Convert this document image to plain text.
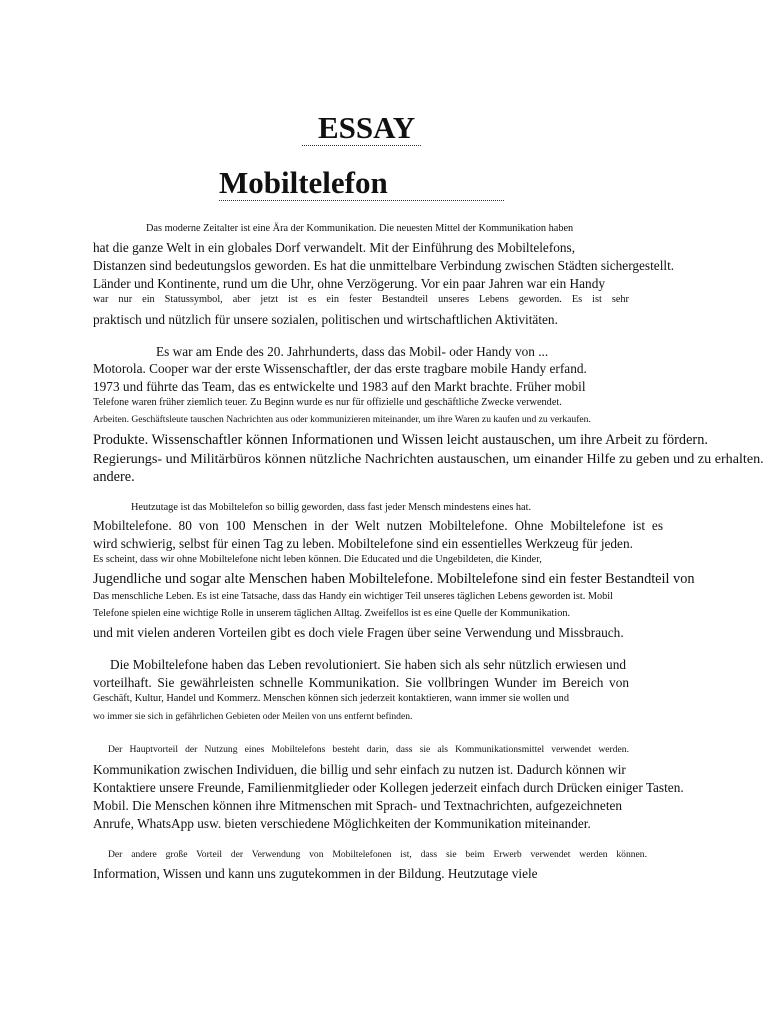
ESSAY
Mobiltelefon
Das moderne Zeitalter ist eine Ära der Kommunikation. Die neuesten Mittel der Kommunikation haben
hat die ganze Welt in ein globales Dorf verwandelt. Mit der Einführung des Mobiltelefons,
Distanzen sind bedeutungslos geworden. Es hat die unmittelbare Verbindung zwischen Städten sichergestellt.
Länder und Kontinente, rund um die Uhr, ohne Verzögerung. Vor ein paar Jahren war ein Handy
war nur ein Statussymbol, aber jetzt ist es ein fester Bestandteil unseres Lebens geworden. Es ist sehr
praktisch und nützlich für unsere sozialen, politischen und wirtschaftlichen Aktivitäten.
Es war am Ende des 20. Jahrhunderts, dass das Mobil- oder Handy von ...
Motorola. Cooper war der erste Wissenschaftler, der das erste tragbare mobile Handy erfand.
1973 und führte das Team, das es entwickelte und 1983 auf den Markt brachte. Früher mobil
Telefone waren früher ziemlich teuer. Zu Beginn wurde es nur für offizielle und geschäftliche Zwecke verwendet.
Arbeiten. Geschäftsleute tauschen Nachrichten aus oder kommunizieren miteinander, um ihre Waren zu kaufen und zu verkaufen.
Produkte. Wissenschaftler können Informationen und Wissen leicht austauschen, um ihre Arbeit zu fördern.
Regierungs- und Militärbüros können nützliche Nachrichten austauschen, um einander Hilfe zu geben und zu erhalten.
andere.
Heutzutage ist das Mobiltelefon so billig geworden, dass fast jeder Mensch mindestens eines hat.
Mobiltelefone. 80 von 100 Menschen in der Welt nutzen Mobiltelefone. Ohne Mobiltelefone ist es
wird schwierig, selbst für einen Tag zu leben. Mobiltelefone sind ein essentielles Werkzeug für jeden.
Es scheint, dass wir ohne Mobiltelefone nicht leben können. Die Educated und die Ungebildeten, die Kinder,
Jugendliche und sogar alte Menschen haben Mobiltelefone. Mobiltelefone sind ein fester Bestandteil von
Das menschliche Leben. Es ist eine Tatsache, dass das Handy ein wichtiger Teil unseres täglichen Lebens geworden ist. Mobil
Telefone spielen eine wichtige Rolle in unserem täglichen Alltag. Zweifellos ist es eine Quelle der Kommunikation.
und mit vielen anderen Vorteilen gibt es doch viele Fragen über seine Verwendung und Missbrauch.
Die Mobiltelefone haben das Leben revolutioniert. Sie haben sich als sehr nützlich erwiesen und
vorteilhaft. Sie gewährleisten schnelle Kommunikation. Sie vollbringen Wunder im Bereich von
Geschäft, Kultur, Handel und Kommerz. Menschen können sich jederzeit kontaktieren, wann immer sie wollen und
wo immer sie sich in gefährlichen Gebieten oder Meilen von uns entfernt befinden.
Der Hauptvorteil der Nutzung eines Mobiltelefons besteht darin, dass sie als Kommunikationsmittel verwendet werden.
Kommunikation zwischen Individuen, die billig und sehr einfach zu nutzen ist. Dadurch können wir
Kontaktiere unsere Freunde, Familienmitglieder oder Kollegen jederzeit einfach durch Drücken einiger Tasten.
Mobil. Die Menschen können ihre Mitmenschen mit Sprach- und Textnachrichten, aufgezeichneten
Anrufe, WhatsApp usw. bieten verschiedene Möglichkeiten der Kommunikation miteinander.
Der andere große Vorteil der Verwendung von Mobiltelefonen ist, dass sie beim Erwerb verwendet werden können.
Information, Wissen und kann uns zugutekommen in der Bildung. Heutzutage viele
